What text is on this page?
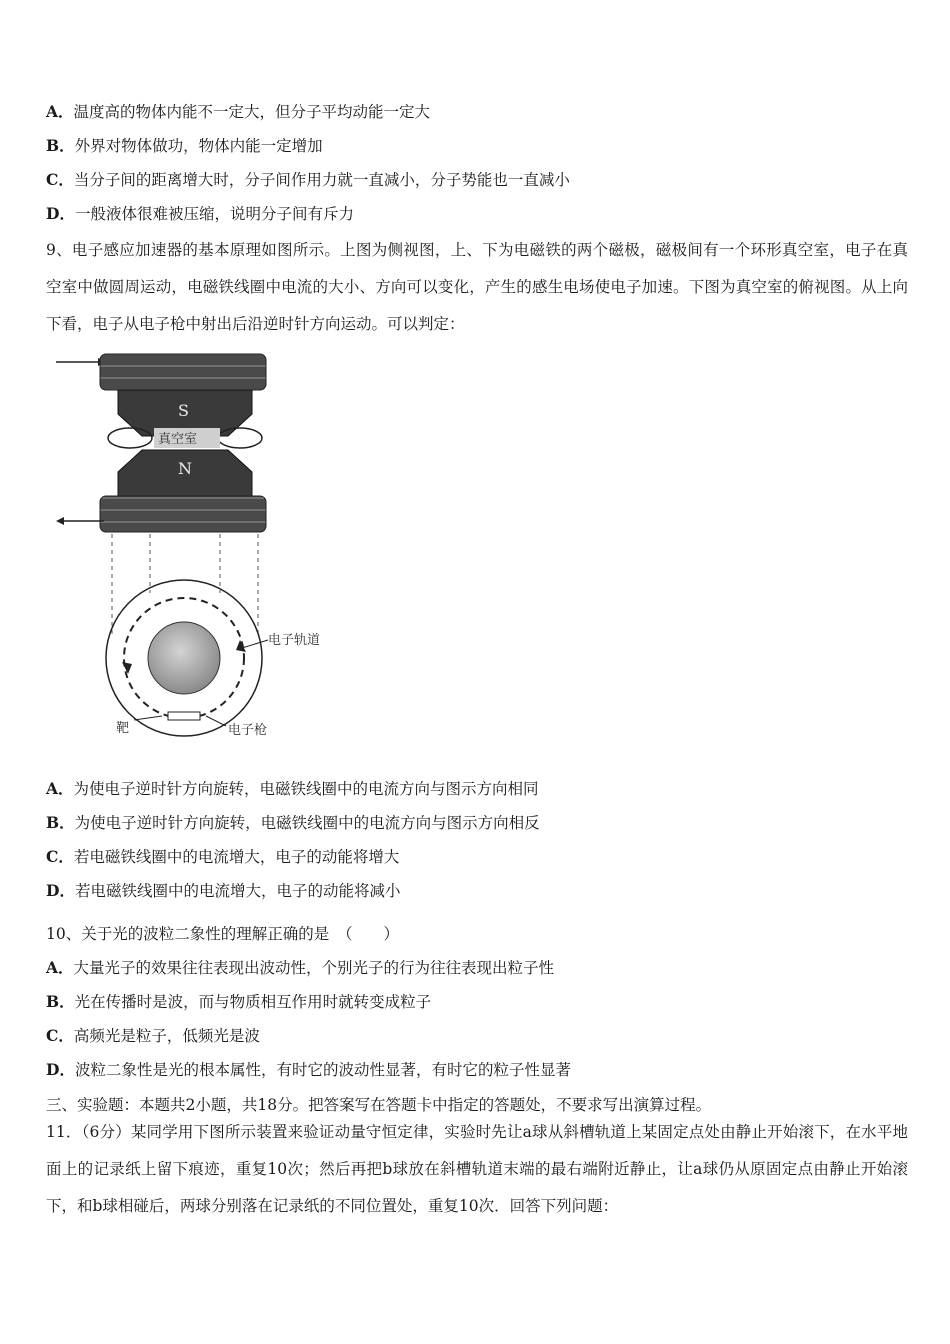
A．温度高的物体内能不一定大，但分子平均动能一定大
B．外界对物体做功，物体内能一定增加
C．当分子间的距离增大时，分子间作用力就一直减小，分子势能也一直减小
D．一般液体很难被压缩，说明分子间有斥力
9、电子感应加速器的基本原理如图所示。上图为侧视图，上、下为电磁铁的两个磁极，磁极间有一个环形真空室，电子在真空室中做圆周运动，电磁铁线圈中电流的大小、方向可以变化，产生的感生电场使电子加速。下图为真空室的俯视图。从上向下看，电子从电子枪中射出后沿逆时针方向运动。可以判定：
S
真空室
N
电子轨道
靶	电子枪
A．为使电子逆时针方向旋转，电磁铁线圈中的电流方向与图示方向相同
B．为使电子逆时针方向旋转，电磁铁线圈中的电流方向与图示方向相反
C．若电磁铁线圈中的电流增大，电子的动能将增大
D．若电磁铁线圈中的电流增大，电子的动能将减小
10、关于光的波粒二象性的理解正确的是　（　　）
A．大量光子的效果往往表现出波动性，个别光子的行为往往表现出粒子性
B．光在传播时是波，而与物质相互作用时就转变成粒子
C．高频光是粒子，低频光是波
D．波粒二象性是光的根本属性，有时它的波动性显著，有时它的粒子性显著
三、实验题：本题共2小题，共18分。把答案写在答题卡中指定的答题处，不要求写出演算过程。
11．（6分）某同学用下图所示装置来验证动量守恒定律，实验时先让a球从斜槽轨道上某固定点处由静止开始滚下，在水平地面上的记录纸上留下痕迹，重复10次；然后再把b球放在斜槽轨道末端的最右端附近静止，让a球仍从原固定点由静止开始滚下，和b球相碰后，两球分别落在记录纸的不同位置处，重复10次．回答下列问题：
